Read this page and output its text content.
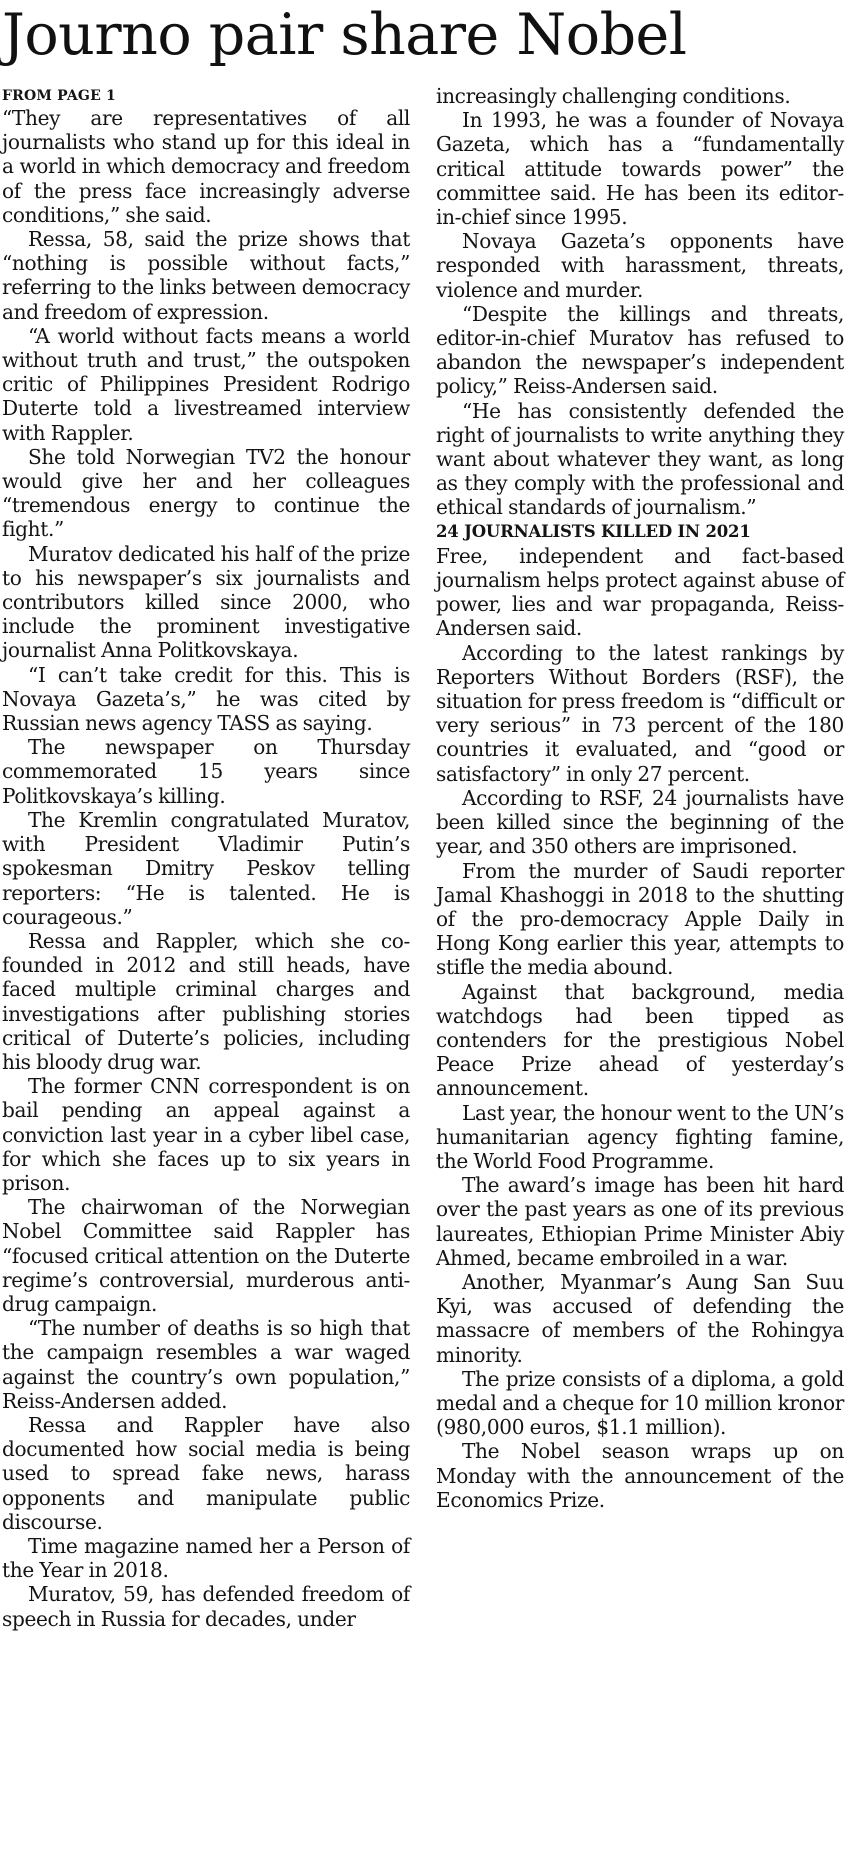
Journo pair share Nobel
FROM PAGE 1

“They are representatives of all journalists who stand up for this ideal in a world in which democracy and freedom of the press face increasingly adverse conditions,” she said.

Ressa, 58, said the prize shows that “nothing is possible without facts,” referring to the links between democracy and freedom of expression.

“A world without facts means a world without truth and trust,” the outspoken critic of Philippines President Rodrigo Duterte told a livestreamed interview with Rappler.

She told Norwegian TV2 the honour would give her and her colleagues “tremendous energy to continue the fight.”

Muratov dedicated his half of the prize to his newspaper’s six journalists and contributors killed since 2000, who include the prominent investigative journalist Anna Politkovskaya.

“I can’t take credit for this. This is Novaya Gazeta’s,” he was cited by Russian news agency TASS as saying.

The newspaper on Thursday commemorated 15 years since Politkovskaya’s killing.

The Kremlin congratulated Muratov, with President Vladimir Putin’s spokesman Dmitry Peskov telling reporters: “He is talented. He is courageous.”

Ressa and Rappler, which she co-founded in 2012 and still heads, have faced multiple criminal charges and investigations after publishing stories critical of Duterte’s policies, including his bloody drug war.

The former CNN correspondent is on bail pending an appeal against a conviction last year in a cyber libel case, for which she faces up to six years in prison.

The chairwoman of the Norwegian Nobel Committee said Rappler has “focused critical attention on the Duterte regime’s controversial, murderous anti-drug campaign.

“The number of deaths is so high that the campaign resembles a war waged against the country’s own population,” Reiss-Andersen added.

Ressa and Rappler have also documented how social media is being used to spread fake news, harass opponents and manipulate public discourse.

Time magazine named her a Person of the Year in 2018.

Muratov, 59, has defended freedom of speech in Russia for decades, under

increasingly challenging conditions.

In 1993, he was a founder of Novaya Gazeta, which has a “fundamentally critical attitude towards power” the committee said. He has been its editor-in-chief since 1995.

Novaya Gazeta’s opponents have responded with harassment, threats, violence and murder.

“Despite the killings and threats, editor-in-chief Muratov has refused to abandon the newspaper’s independent policy,” Reiss-Andersen said.

“He has consistently defended the right of journalists to write anything they want about whatever they want, as long as they comply with the professional and ethical standards of journalism.”

24 JOURNALISTS KILLED IN 2021

Free, independent and fact-based journalism helps protect against abuse of power, lies and war propaganda, Reiss-Andersen said.

According to the latest rankings by Reporters Without Borders (RSF), the situation for press freedom is “difficult or very serious” in 73 percent of the 180 countries it evaluated, and “good or satisfactory” in only 27 percent.

According to RSF, 24 journalists have been killed since the beginning of the year, and 350 others are imprisoned.

From the murder of Saudi reporter Jamal Khashoggi in 2018 to the shutting of the pro-democracy Apple Daily in Hong Kong earlier this year, attempts to stifle the media abound.

Against that background, media watchdogs had been tipped as contenders for the prestigious Nobel Peace Prize ahead of yesterday’s announcement.

Last year, the honour went to the UN’s humanitarian agency fighting famine, the World Food Programme.

The award’s image has been hit hard over the past years as one of its previous laureates, Ethiopian Prime Minister Abiy Ahmed, became embroiled in a war.

Another, Myanmar’s Aung San Suu Kyi, was accused of defending the massacre of members of the Rohingya minority.

The prize consists of a diploma, a gold medal and a cheque for 10 million kronor (980,000 euros, $1.1 million).

The Nobel season wraps up on Monday with the announcement of the Economics Prize.
